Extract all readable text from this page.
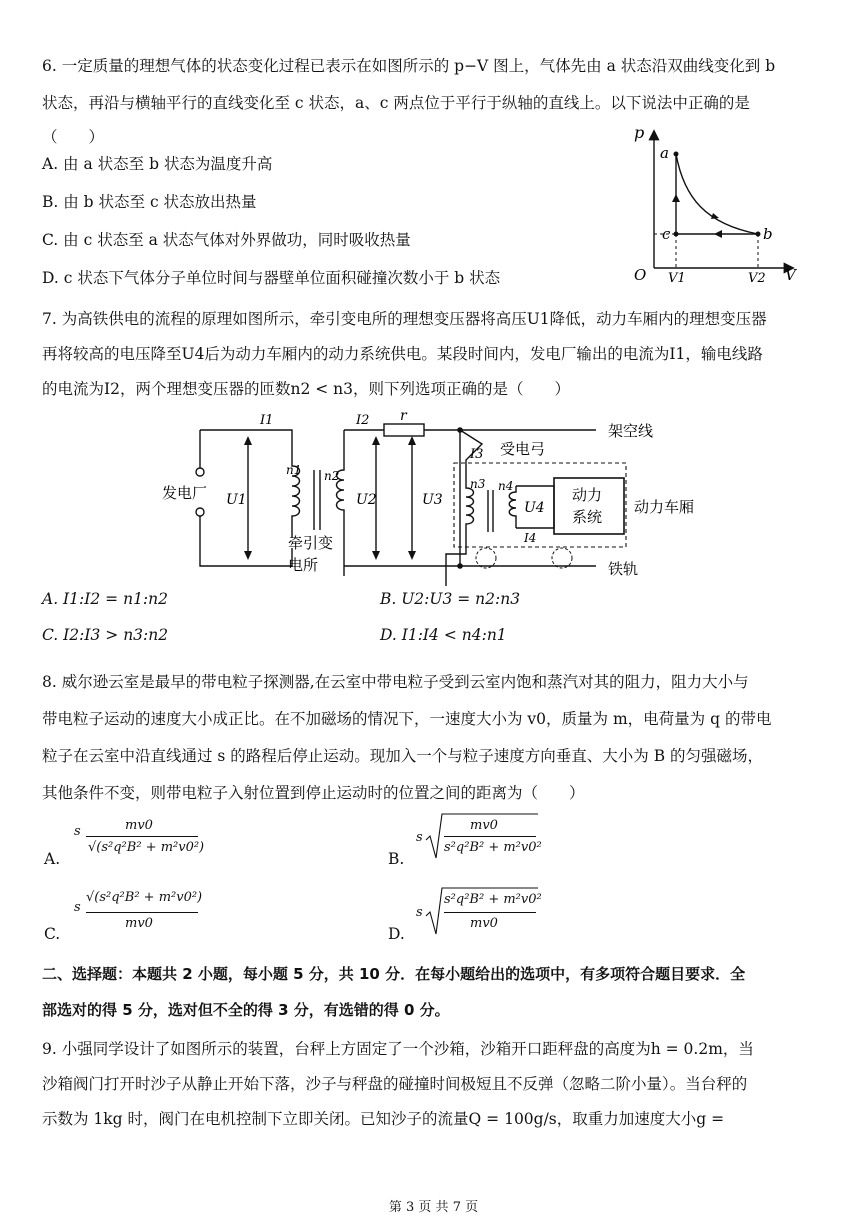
6. 一定质量的理想气体的状态变化过程已表示在如图所示的 p−V 图上，气体先由 a 状态沿双曲线变化到 b
状态，再沿与横轴平行的直线变化至 c 状态，a、c 两点位于平行于纵轴的直线上。以下说法中正确的是
（　　）
A. 由 a 状态至 b 状态为温度升高
B. 由 b 状态至 c 状态放出热量
C. 由 c 状态至 a 状态气体对外界做功，同时吸收热量
D. c 状态下气体分子单位时间与器壁单位面积碰撞次数小于 b 状态
p
a
c	b
O V1	V2 V
7. 为高铁供电的流程的原理如图所示，牵引变电所的理想变压器将高压U1降低，动力车厢内的理想变压器
再将较高的电压降至U4后为动力车厢内的动力系统供电。某段时间内，发电厂输出的电流为I1，输电线路
的电流为I2，两个理想变压器的匝数n2 < n3，则下列选项正确的是（　　）
发电厂
I1
U1
n1 n2
牵引变
电所
U2
I2 r
U3
I3 受电弓
架空线
n3 n4
U4
动力
系统
动力车厢
I4
铁轨
A. I1:I2 = n1:n2	B. U2:U3 = n2:n3
C. I2:I3 > n3:n2	D. I1:I4 < n4:n1
8. 威尔逊云室是最早的带电粒子探测器,在云室中带电粒子受到云室内饱和蒸汽对其的阻力，阻力大小与
带电粒子运动的速度大小成正比。在不加磁场的情况下，一速度大小为 v0，质量为 m，电荷量为 q 的带电
粒子在云室中沿直线通过 s 的路程后停止运动。现加入一个与粒子速度方向垂直、大小为 B 的匀强磁场，
其他条件不变，则带电粒子入射位置到停止运动时的位置之间的距离为（　　）
A.
s	mv0
√(s²q²B² + m²v0²)
B.
s
mv0
s²q²B² + m²v0²
C.
s
√(s²q²B² + m²v0²)
mv0
D.
s
s²q²B² + m²v0²
mv0
二、选择题：本题共 2 小题，每小题 5 分，共 10 分．在每小题给出的选项中，有多项符合题目要求．全
部选对的得 5 分，选对但不全的得 3 分，有选错的得 0 分。
9. 小强同学设计了如图所示的装置，台秤上方固定了一个沙箱，沙箱开口距秤盘的高度为h = 0.2m，当
沙箱阀门打开时沙子从静止开始下落，沙子与秤盘的碰撞时间极短且不反弹（忽略二阶小量）。当台秤的
示数为 1kg 时，阀门在电机控制下立即关闭。已知沙子的流量Q = 100g/s，取重力加速度大小g =
第 3 页 共 7 页
